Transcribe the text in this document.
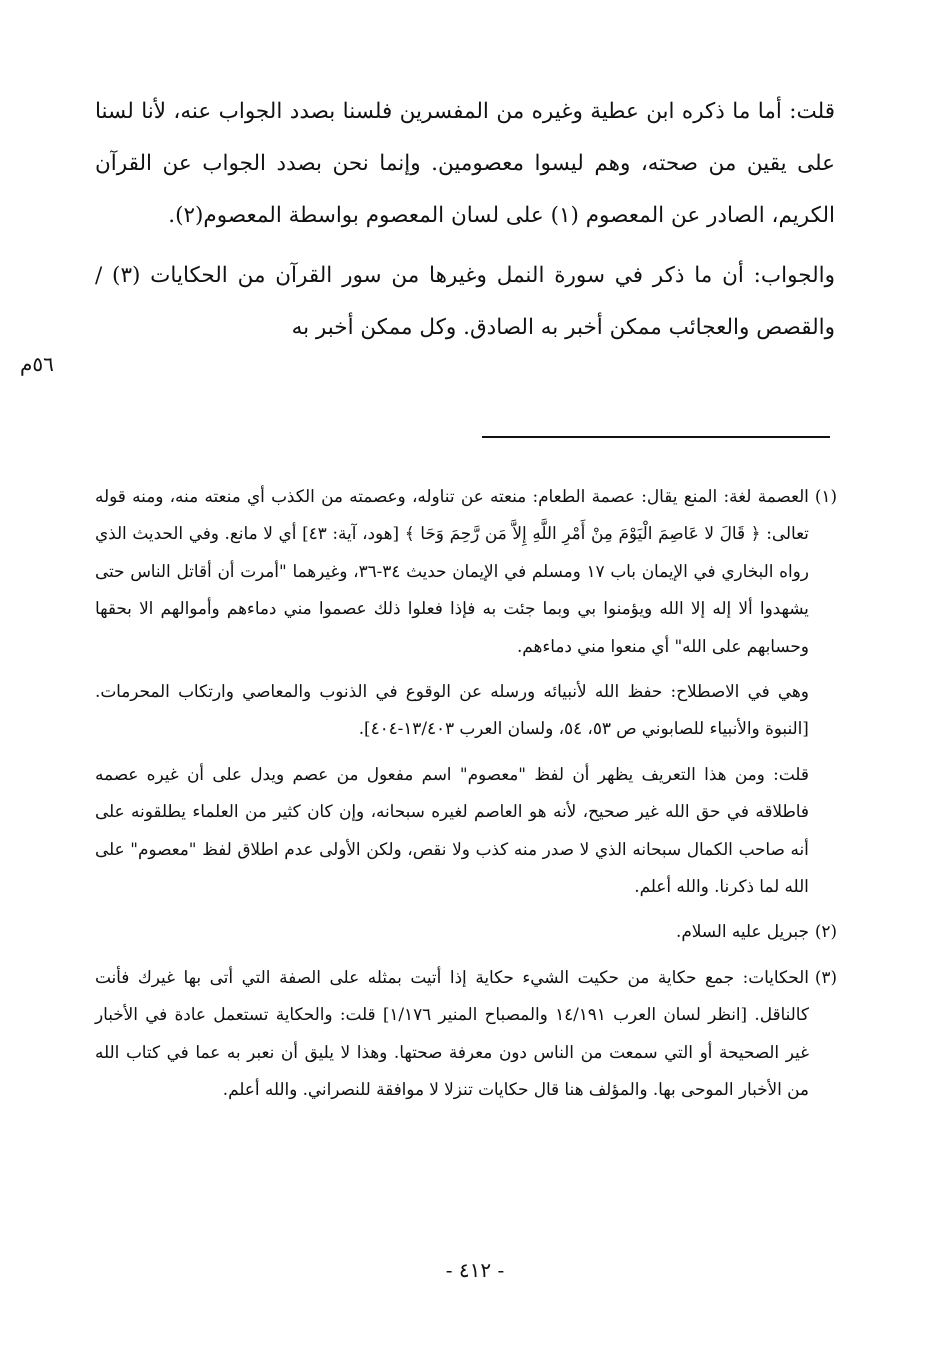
قلت: أما ما ذكره ابن عطية وغيره من المفسرين فلسنا بصدد الجواب عنه، لأنا لسنا على يقين من صحته، وهم ليسوا معصومين. وإنما نحن بصدد الجواب عن القرآن الكريم، الصادر عن المعصوم (١) على لسان المعصوم بواسطة المعصوم(٢).

والجواب: أن ما ذكر في سورة النمل وغيرها من سور القرآن من الحكايات (٣) / والقصص والعجائب ممكن أخبر به الصادق. وكل ممكن أخبر به

٥٦م
(١)

العصمة لغة: المنع يقال: عصمة الطعام: منعته عن تناوله، وعصمته من الكذب أي منعته منه، ومنه قوله تعالى: ﴿ قَالَ لا عَاصِمَ الْيَوْمَ مِنْ أَمْرِ اللَّهِ إِلاَّ مَن رَّحِمَ وَحَا ﴾ [هود، آية: ٤٣] أي لا مانع. وفي الحديث الذي رواه البخاري في الإيمان باب ١٧ ومسلم في الإيمان حديث ٣٤-٣٦، وغيرهما "أمرت أن أقاتل الناس حتى يشهدوا ألا إله إلا الله ويؤمنوا بي وبما جئت به فإذا فعلوا ذلك عصموا مني دماءهم وأموالهم الا بحقها وحسابهم على الله" أي منعوا مني دماءهم.

وهي في الاصطلاح: حفظ الله لأنبيائه ورسله عن الوقوع في الذنوب والمعاصي وارتكاب المحرمات. [النبوة والأنبياء للصابوني ص ٥٣، ٥٤، ولسان العرب ١٣/٤٠٣-٤٠٤].

قلت: ومن هذا التعريف يظهر أن لفظ "معصوم" اسم مفعول من عصم ويدل على أن غيره عصمه فاطلاقه في حق الله غير صحيح، لأنه هو العاصم لغيره سبحانه، وإن كان كثير من العلماء يطلقونه على أنه صاحب الكمال سبحانه الذي لا صدر منه كذب ولا نقص، ولكن الأولى عدم اطلاق لفظ "معصوم" على الله لما ذكرنا. والله أعلم.

(٢)

جبريل عليه السلام.

(٣)

الحكايات: جمع حكاية من حكيت الشيء حكاية إذا أتيت بمثله على الصفة التي أتى بها غيرك فأنت كالناقل. [انظر لسان العرب ١٤/١٩١ والمصباح المنير ١/١٧٦] قلت: والحكاية تستعمل عادة في الأخبار غير الصحيحة أو التي سمعت من الناس دون معرفة صحتها. وهذا لا يليق أن نعبر به عما في كتاب الله من الأخبار الموحى بها. والمؤلف هنا قال حكايات تنزلا لا موافقة للنصراني. والله أعلم.

- ٤١٢ -
